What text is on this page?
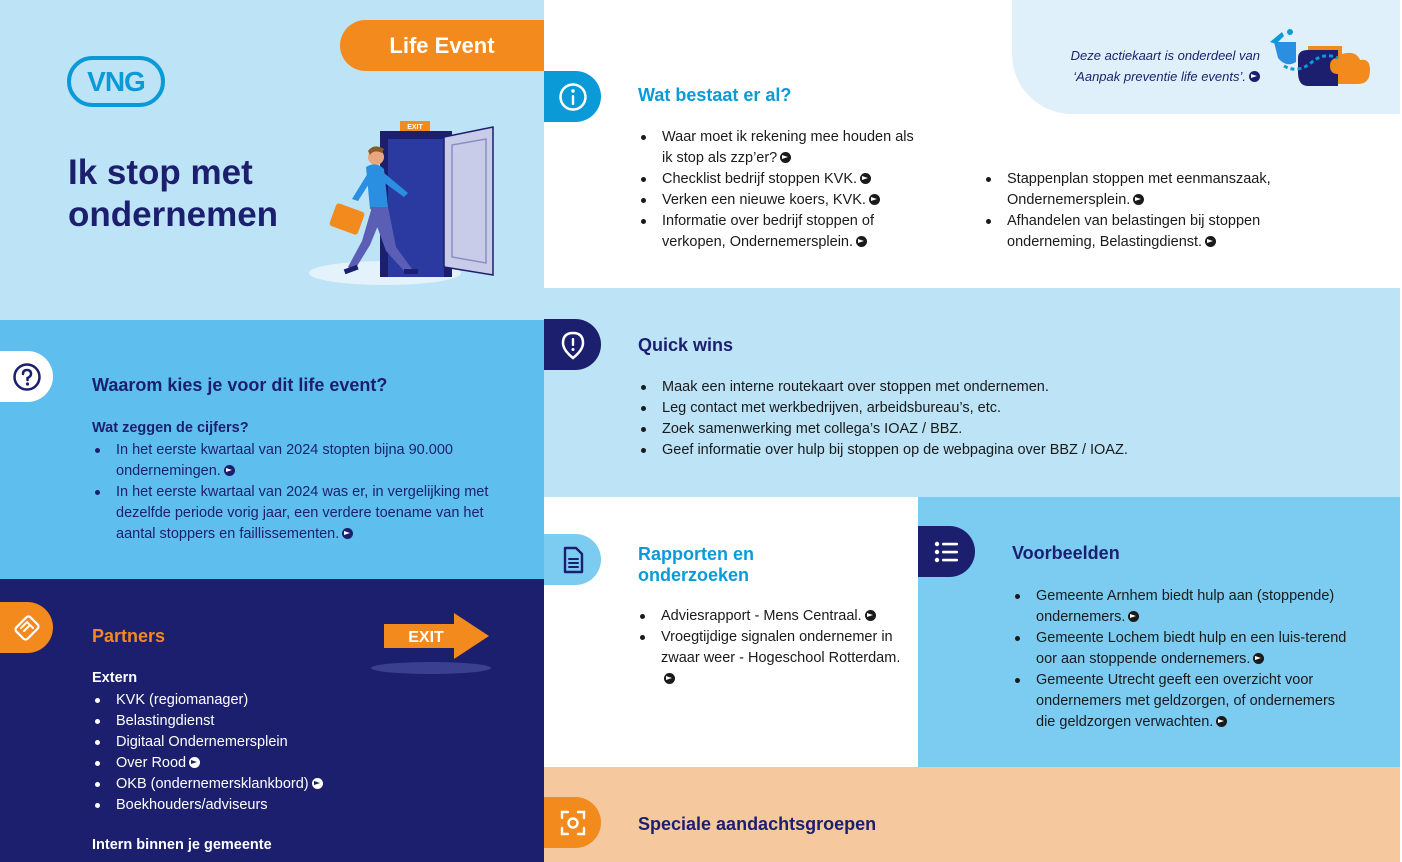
VNG
Life Event
Ik stop met
ondernemen
EXIT
Waarom kies je voor dit life event?
Wat zeggen de cijfers?
In het eerste kwartaal van 2024 stopten bijna 90.000 ondernemingen.
In het eerste kwartaal van 2024 was er, in vergelijking met dezelfde periode vorig jaar, een verdere toename van het aantal stoppers en faillissementen.
Partners	EXIT
Extern
KVK (regiomanager)
Belastingdienst
Digitaal Ondernemersplein
Over Rood
OKB (ondernemersklankbord)
Boekhouders/adviseurs
Intern binnen je gemeente
Deze actiekaart is onderdeel van
‘Aanpak preventie life events’.
Wat bestaat er al?
Waar moet ik rekening mee houden als ik stop als zzp’er?
Checklist bedrijf stoppen KVK.
Verken een nieuwe koers, KVK.
Informatie over bedrijf stoppen of verkopen, Ondernemersplein.
Stappenplan stoppen met eenmanszaak, Ondernemersplein.
Afhandelen van belastingen bij stoppen onderneming, Belastingdienst.
Quick wins
Maak een interne routekaart over stoppen met ondernemen.
Leg contact met werkbedrijven, arbeidsbureau’s, etc.
Zoek samenwerking met collega’s IOAZ / BBZ.
Geef informatie over hulp bij stoppen op de webpagina over BBZ / IOAZ.
Rapporten en
onderzoeken
Adviesrapport - Mens Centraal.
Vroegtijdige signalen ondernemer in zwaar weer - Hogeschool Rotterdam.
Voorbeelden
Gemeente Arnhem biedt hulp aan (stoppende) ondernemers.
Gemeente Lochem biedt hulp en een luis-terend oor aan stoppende ondernemers.
Gemeente Utrecht geeft een overzicht voor ondernemers met geldzorgen, of ondernemers die geldzorgen verwachten.
Speciale aandachtsgroepen
